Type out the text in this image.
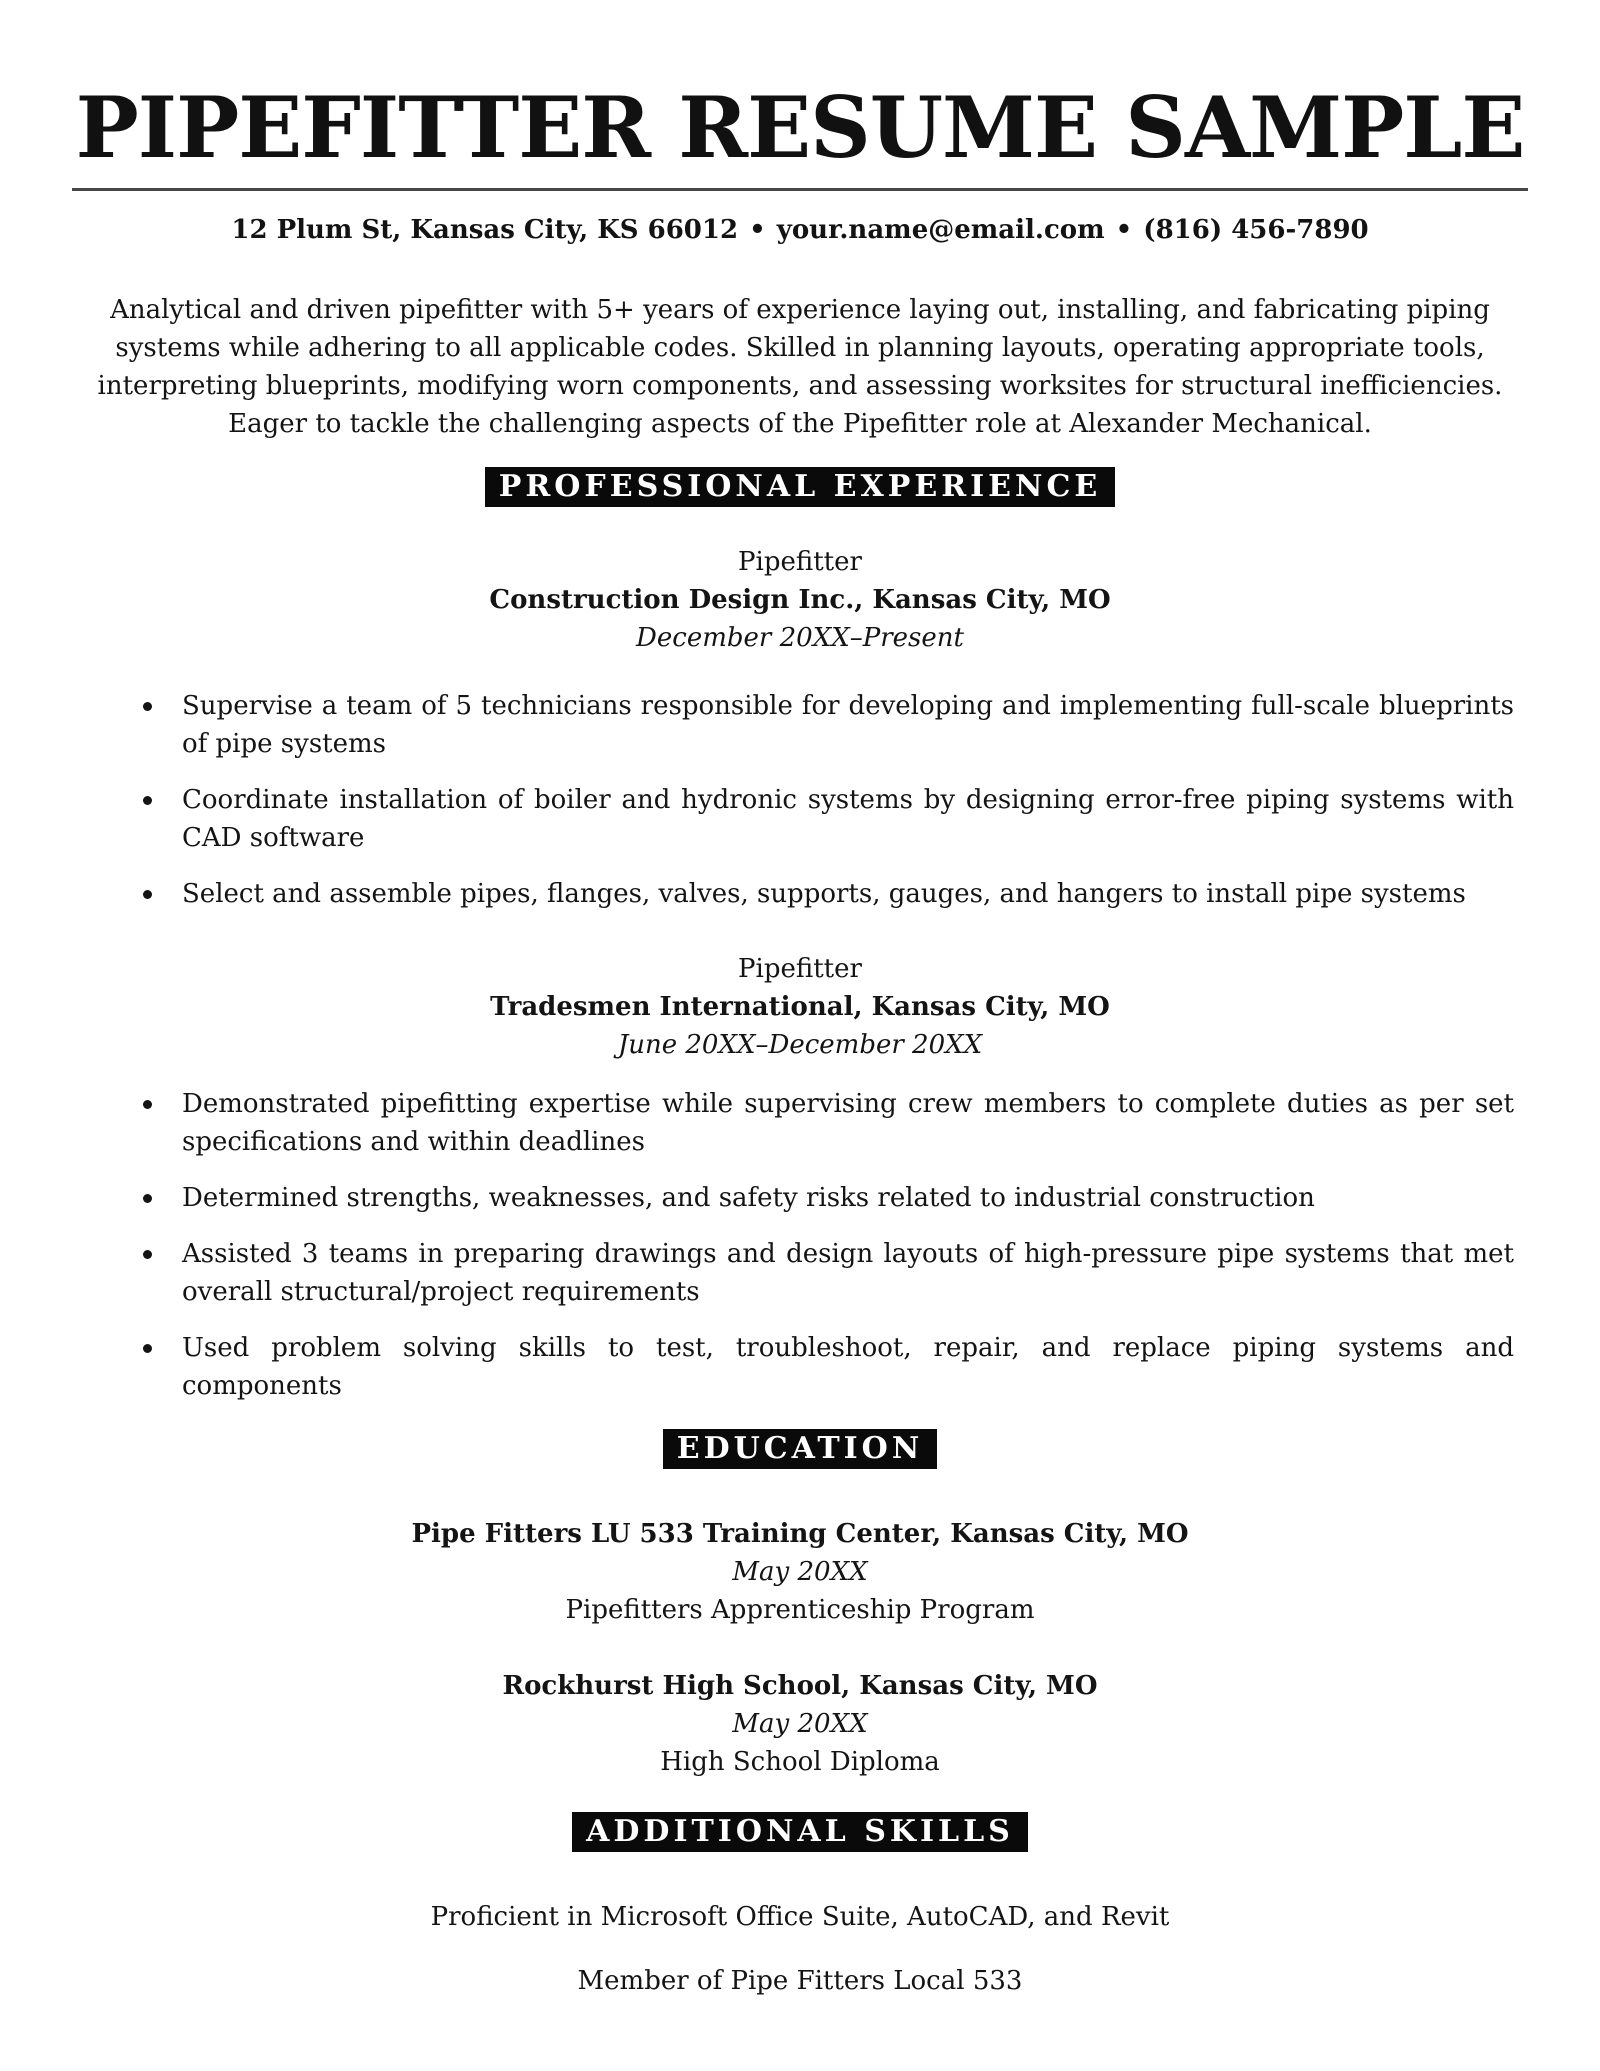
PIPEFITTER RESUME SAMPLE
12 Plum St, Kansas City, KS 66012 • your.name@email.com • (816) 456-7890

Analytical and driven pipefitter with 5+ years of experience laying out, installing, and fabricating piping systems while adhering to all applicable codes. Skilled in planning layouts, operating appropriate tools, interpreting blueprints, modifying worn components, and assessing worksites for structural inefficiencies. Eager to tackle the challenging aspects of the Pipefitter role at Alexander Mechanical.

PROFESSIONAL EXPERIENCE
Pipefitter
Construction Design Inc., Kansas City, MO
December 20XX–Present
Supervise a team of 5 technicians responsible for developing and implementing full-scale blueprints of pipe systems
Coordinate installation of boiler and hydronic systems by designing error-free piping systems with CAD software
Select and assemble pipes, flanges, valves, supports, gauges, and hangers to install pipe systems
Pipefitter
Tradesmen International, Kansas City, MO
June 20XX–December 20XX
Demonstrated pipefitting expertise while supervising crew members to complete duties as per set specifications and within deadlines
Determined strengths, weaknesses, and safety risks related to industrial construction
Assisted 3 teams in preparing drawings and design layouts of high-pressure pipe systems that met overall structural/project requirements
Used problem solving skills to test, troubleshoot, repair, and replace piping systems and components
EDUCATION
Pipe Fitters LU 533 Training Center, Kansas City, MO
May 20XX
Pipefitters Apprenticeship Program
Rockhurst High School, Kansas City, MO
May 20XX
High School Diploma
ADDITIONAL SKILLS

Proficient in Microsoft Office Suite, AutoCAD, and Revit

Member of Pipe Fitters Local 533
